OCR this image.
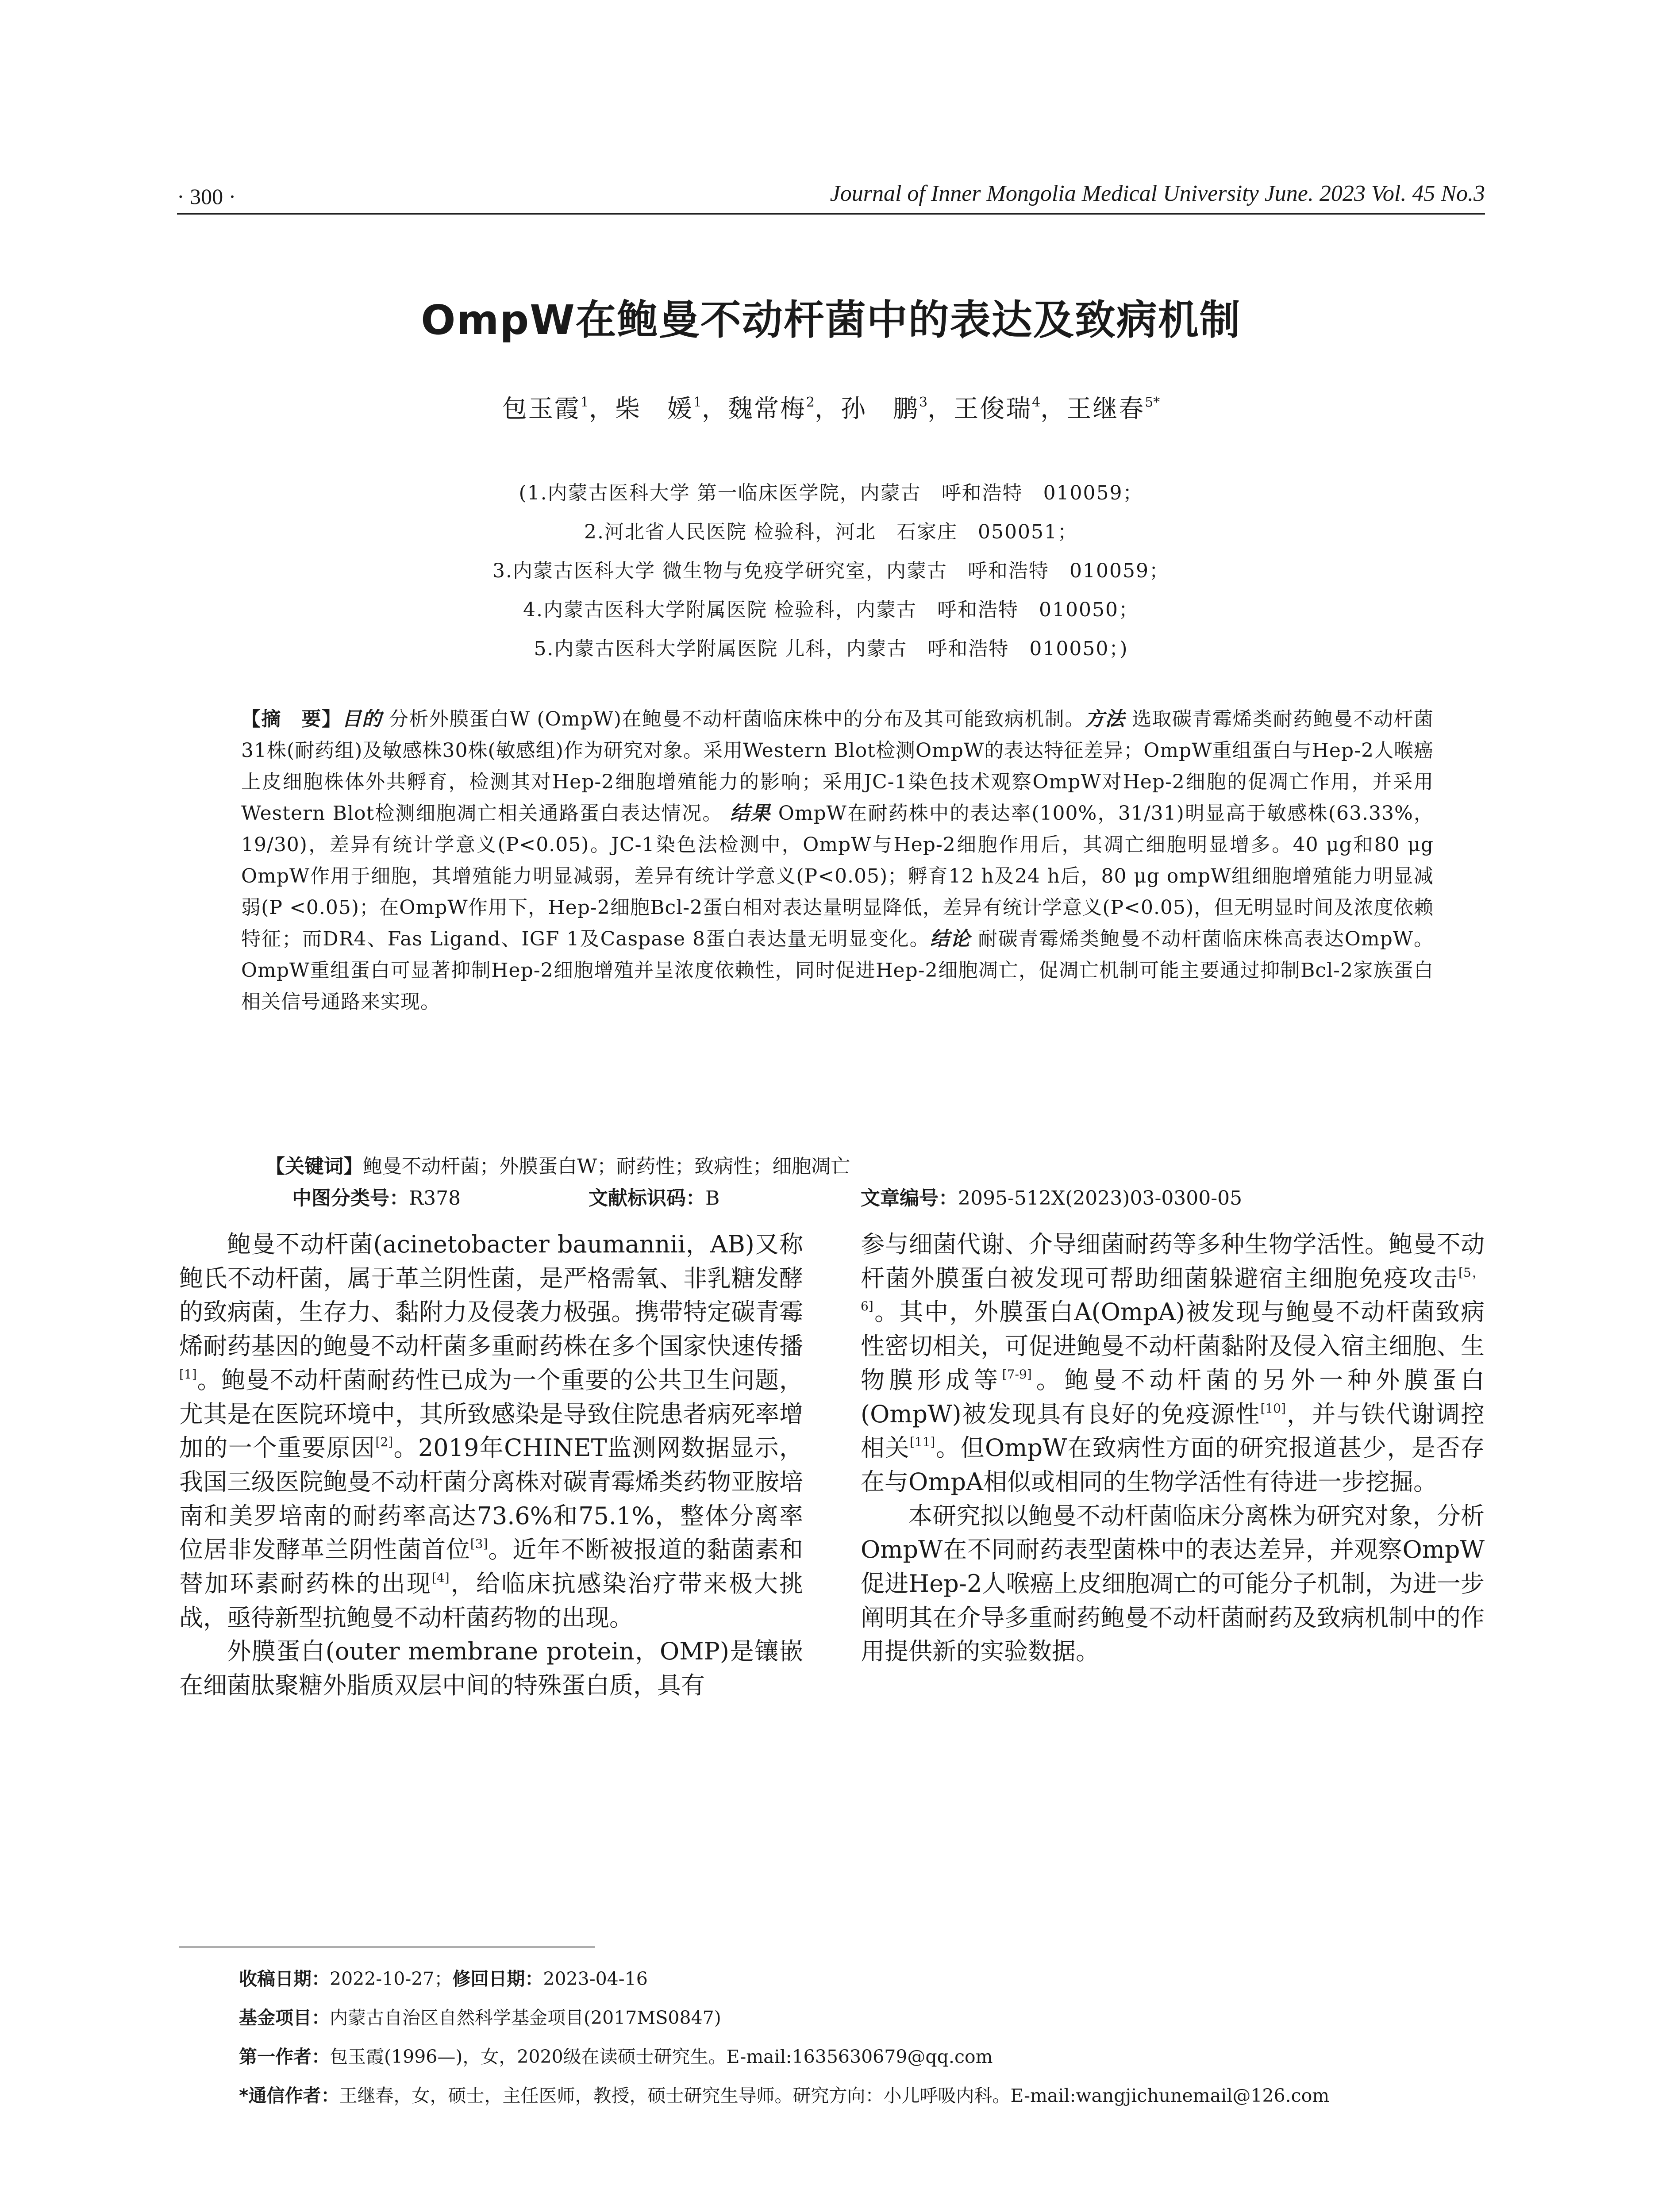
· 300 ·	Journal of Inner Mongolia Medical University June. 2023 Vol. 45 No.3
OmpW在鲍曼不动杆菌中的表达及致病机制
包玉霞$^1$，柴　媛$^1$，魏常梅$^2$，孙　鹏$^3$，王俊瑞$^4$，王继春$^{5*}$
(1.内蒙古医科大学 第一临床医学院，内蒙古　呼和浩特　010059；
2.河北省人民医院 检验科，河北　石家庄　050051；
3.内蒙古医科大学 微生物与免疫学研究室，内蒙古　呼和浩特　010059；
4.内蒙古医科大学附属医院 检验科，内蒙古　呼和浩特　010050；
5.内蒙古医科大学附属医院 儿科，内蒙古　呼和浩特　010050；)
【摘　要】目的 分析外膜蛋白W (OmpW)在鲍曼不动杆菌临床株中的分布及其可能致病机制。方法 选取碳青霉烯类耐药鲍曼不动杆菌31株(耐药组)及敏感株30株(敏感组)作为研究对象。采用Western Blot检测OmpW的表达特征差异；OmpW重组蛋白与Hep-2人喉癌上皮细胞株体外共孵育，检测其对Hep-2细胞增殖能力的影响；采用JC-1染色技术观察OmpW对Hep-2细胞的促凋亡作用，并采用Western Blot检测细胞凋亡相关通路蛋白表达情况。 结果 OmpW在耐药株中的表达率(100%，31/31)明显高于敏感株(63.33%，19/30)，差异有统计学意义(P<0.05)。JC-1染色法检测中，OmpW与Hep-2细胞作用后，其凋亡细胞明显增多。40 μg和80 μg OmpW作用于细胞，其增殖能力明显减弱，差异有统计学意义(P<0.05)；孵育12 h及24 h后，80 μg ompW组细胞增殖能力明显减弱(P <0.05)；在OmpW作用下，Hep-2细胞Bcl-2蛋白相对表达量明显降低，差异有统计学意义(P<0.05)，但无明显时间及浓度依赖特征；而DR4、Fas Ligand、IGF 1及Caspase 8蛋白表达量无明显变化。结论 耐碳青霉烯类鲍曼不动杆菌临床株高表达OmpW。OmpW重组蛋白可显著抑制Hep-2细胞增殖并呈浓度依赖性，同时促进Hep-2细胞凋亡，促凋亡机制可能主要通过抑制Bcl-2家族蛋白相关信号通路来实现。
【关键词】鲍曼不动杆菌；外膜蛋白W；耐药性；致病性；细胞凋亡
中图分类号：R378	文献标识码：B	文章编号：2095-512X(2023)03-0300-05

鲍曼不动杆菌(acinetobacter baumannii，AB)又称鲍氏不动杆菌，属于革兰阴性菌，是严格需氧、非乳糖发酵的致病菌，生存力、黏附力及侵袭力极强。携带特定碳青霉烯耐药基因的鲍曼不动杆菌多重耐药株在多个国家快速传播[1]。鲍曼不动杆菌耐药性已成为一个重要的公共卫生问题，尤其是在医院环境中，其所致感染是导致住院患者病死率增加的一个重要原因[2]。2019年CHINET监测网数据显示，我国三级医院鲍曼不动杆菌分离株对碳青霉烯类药物亚胺培南和美罗培南的耐药率高达73.6%和75.1%，整体分离率位居非发酵革兰阴性菌首位[3]。近年不断被报道的黏菌素和替加环素耐药株的出现[4]，给临床抗感染治疗带来极大挑战，亟待新型抗鲍曼不动杆菌药物的出现。

外膜蛋白(outer membrane protein，OMP)是镶嵌在细菌肽聚糖外脂质双层中间的特殊蛋白质，具有

参与细菌代谢、介导细菌耐药等多种生物学活性。鲍曼不动杆菌外膜蛋白被发现可帮助细菌躲避宿主细胞免疫攻击[5，6]。其中，外膜蛋白A(OmpA)被发现与鲍曼不动杆菌致病性密切相关，可促进鲍曼不动杆菌黏附及侵入宿主细胞、生物膜形成等[7-9]。鲍曼不动杆菌的另外一种外膜蛋白(OmpW)被发现具有良好的免疫源性[10]，并与铁代谢调控相关[11]。但OmpW在致病性方面的研究报道甚少，是否存在与OmpA相似或相同的生物学活性有待进一步挖掘。

本研究拟以鲍曼不动杆菌临床分离株为研究对象，分析OmpW在不同耐药表型菌株中的表达差异，并观察OmpW促进Hep-2人喉癌上皮细胞凋亡的可能分子机制，为进一步阐明其在介导多重耐药鲍曼不动杆菌耐药及致病机制中的作用提供新的实验数据。

收稿日期：2022-10-27；修回日期：2023-04-16
基金项目：内蒙古自治区自然科学基金项目(2017MS0847)
第一作者：包玉霞(1996—)，女，2020级在读硕士研究生。E-mail:1635630679@qq.com
*通信作者：王继春，女，硕士，主任医师，教授，硕士研究生导师。研究方向：小儿呼吸内科。E-mail:wangjichunemail@126.com
